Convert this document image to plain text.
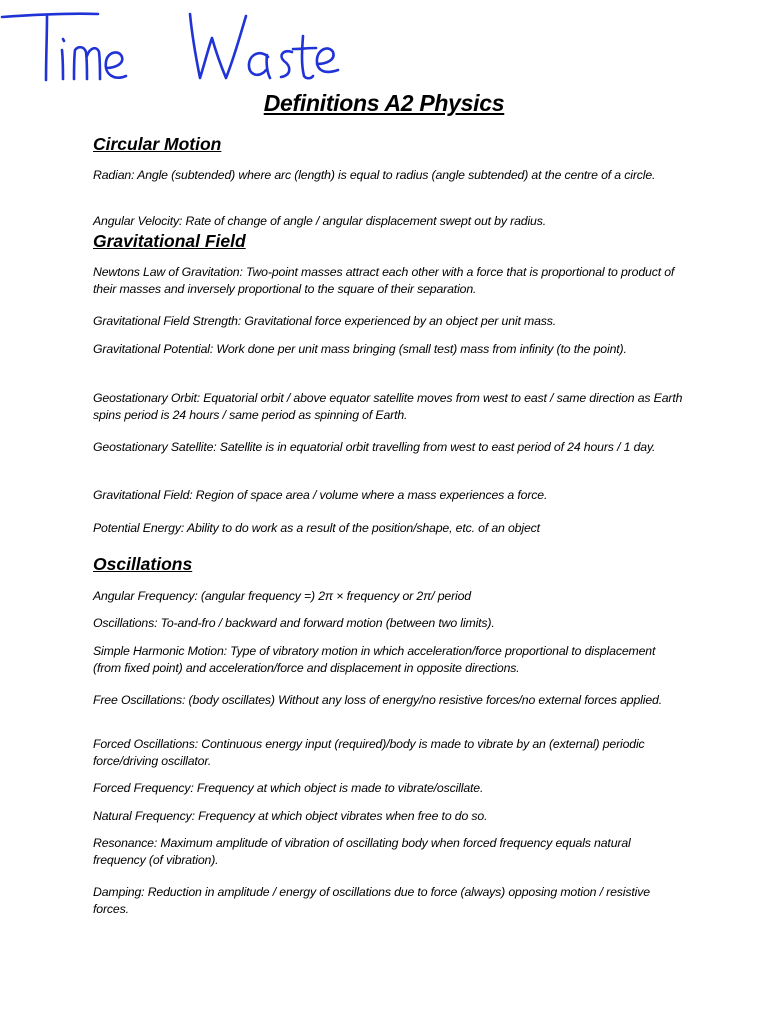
Definitions A2 Physics
Circular Motion

Radian: Angle (subtended) where arc (length) is equal to radius (angle subtended) at the centre of a circle.

Angular Velocity: Rate of change of angle / angular displacement swept out by radius.

Gravitational Field

Newtons Law of Gravitation: Two-point masses attract each other with a force that is proportional to product of their masses and inversely proportional to the square of their separation.

Gravitational Field Strength: Gravitational force experienced by an object per unit mass.

Gravitational Potential: Work done per unit mass bringing (small test) mass from infinity (to the point).

Geostationary Orbit: Equatorial orbit / above equator satellite moves from west to east / same direction as Earth spins period is 24 hours / same period as spinning of Earth.

Geostationary Satellite: Satellite is in equatorial orbit travelling from west to east period of 24 hours / 1 day.

Gravitational Field: Region of space area / volume where a mass experiences a force.

Potential Energy: Ability to do work as a result of the position/shape, etc. of an object

Oscillations

Angular Frequency: (angular frequency =) 2π × frequency or 2π/ period

Oscillations: To-and-fro / backward and forward motion (between two limits).

Simple Harmonic Motion: Type of vibratory motion in which acceleration/force proportional to displacement (from fixed point) and acceleration/force and displacement in opposite directions.

Free Oscillations: (body oscillates) Without any loss of energy/no resistive forces/no external forces applied.

Forced Oscillations: Continuous energy input (required)/body is made to vibrate by an (external) periodic force/driving oscillator.

Forced Frequency: Frequency at which object is made to vibrate/oscillate.

Natural Frequency: Frequency at which object vibrates when free to do so.

Resonance: Maximum amplitude of vibration of oscillating body when forced frequency equals natural frequency (of vibration).

Damping: Reduction in amplitude / energy of oscillations due to force (always) opposing motion / resistive forces.
